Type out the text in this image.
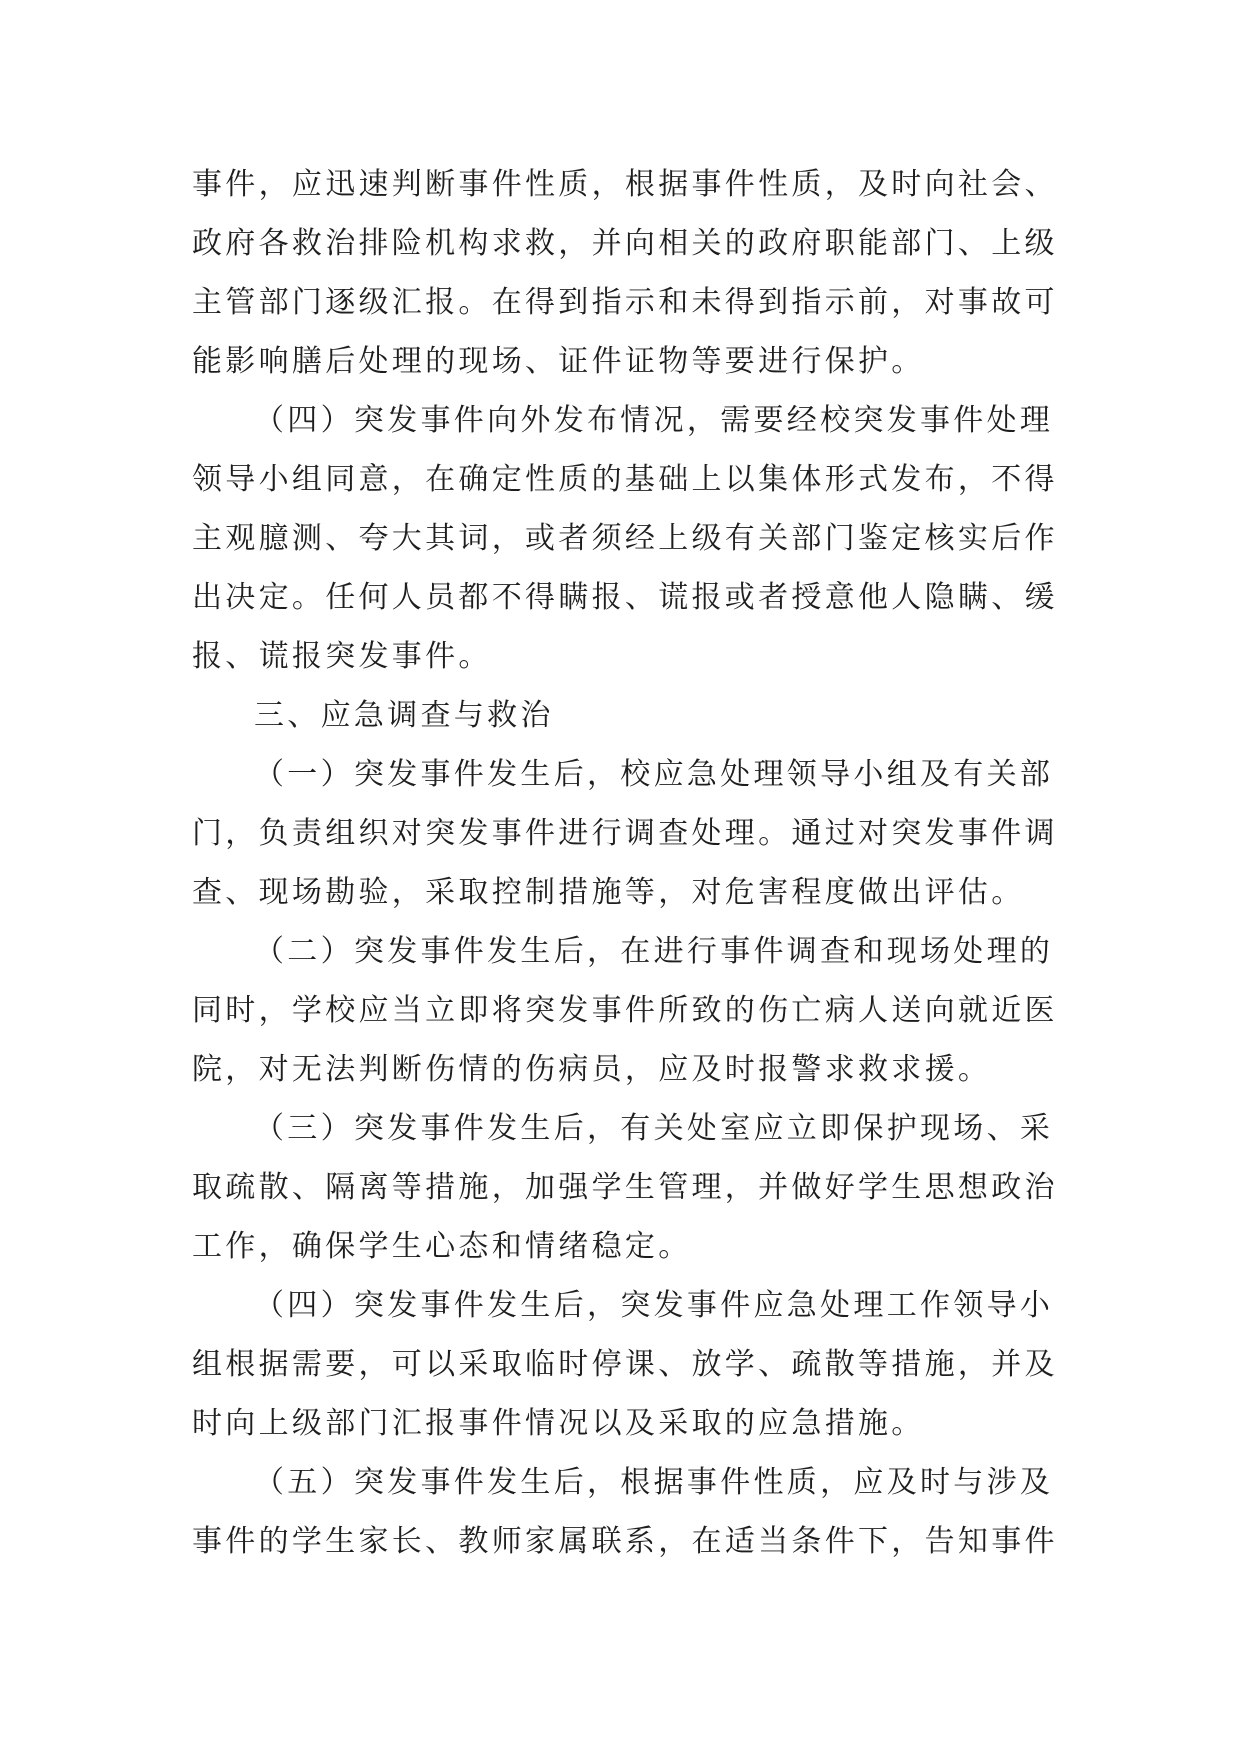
事件，应迅速判断事件性质，根据事件性质，及时向社会、
政府各救治排险机构求救，并向相关的政府职能部门、上级
主管部门逐级汇报。在得到指示和未得到指示前，对事故可
能影响膳后处理的现场、证件证物等要进行保护。
（四）突发事件向外发布情况，需要经校突发事件处理
领导小组同意，在确定性质的基础上以集体形式发布，不得
主观臆测、夸大其词，或者须经上级有关部门鉴定核实后作
出决定。任何人员都不得瞒报、谎报或者授意他人隐瞒、缓
报、谎报突发事件。
三、应急调查与救治
（一）突发事件发生后，校应急处理领导小组及有关部
门，负责组织对突发事件进行调查处理。通过对突发事件调
查、现场勘验，采取控制措施等，对危害程度做出评估。
（二）突发事件发生后，在进行事件调查和现场处理的
同时，学校应当立即将突发事件所致的伤亡病人送向就近医
院，对无法判断伤情的伤病员，应及时报警求救求援。
（三）突发事件发生后，有关处室应立即保护现场、采
取疏散、隔离等措施，加强学生管理，并做好学生思想政治
工作，确保学生心态和情绪稳定。
（四）突发事件发生后，突发事件应急处理工作领导小
组根据需要，可以采取临时停课、放学、疏散等措施，并及
时向上级部门汇报事件情况以及采取的应急措施。
（五）突发事件发生后，根据事件性质，应及时与涉及
事件的学生家长、教师家属联系，在适当条件下，告知事件
